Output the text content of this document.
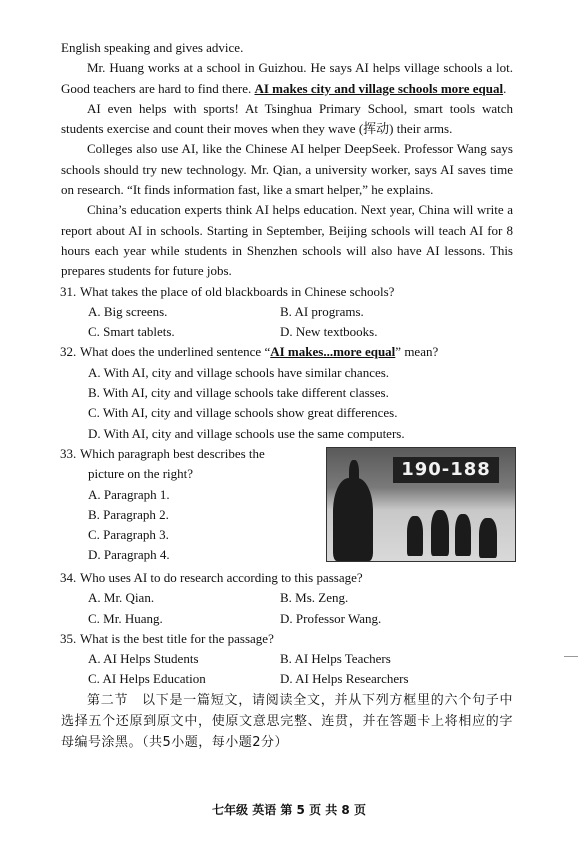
English speaking and gives advice.

Mr. Huang works at a school in Guizhou. He says AI helps village schools a lot. Good teachers are hard to find there. AI makes city and village schools more equal.

AI even helps with sports! At Tsinghua Primary School, smart tools watch students exercise and count their moves when they wave (挥动) their arms.

Colleges also use AI, like the Chinese AI helper DeepSeek. Professor Wang says schools should try new technology. Mr. Qian, a university worker, says AI saves time on research. “It finds information fast, like a smart helper,” he explains.

China’s education experts think AI helps education. Next year, China will write a report about AI in schools. Starting in September, Beijing schools will teach AI for 8 hours each year while students in Shenzhen schools will also have AI lessons. This prepares students for future jobs.

31. What takes the place of old blackboards in Chinese schools?
A. Big screens.	B. AI programs.
C. Smart tablets.	D. New textbooks.
32. What does the underlined sentence “AI makes...more equal” mean?
A. With AI, city and village schools have similar chances.
B. With AI, city and village schools take different classes.
C. With AI, city and village schools show great differences.
D. With AI, city and village schools use the same computers.
33. Which paragraph best describes the
picture on the right?
A. Paragraph 1.
B. Paragraph 2.
C. Paragraph 3.
D. Paragraph 4.
190-188
34. Who uses AI to do research according to this passage?
A. Mr. Qian.	B. Ms. Zeng.
C. Mr. Huang.	D. Professor Wang.
35. What is the best title for the passage?
A. AI Helps Students	B. AI Helps Teachers
C. AI Helps Education	D. AI Helps Researchers

第二节　以下是一篇短文，请阅读全文，并从下列方框里的六个句子中选择五个还原到原文中，使原文意思完整、连贯，并在答题卡上将相应的字母编号涂黑。（共5小题，每小题2分）

七年级 英语 第 5 页 共 8 页
